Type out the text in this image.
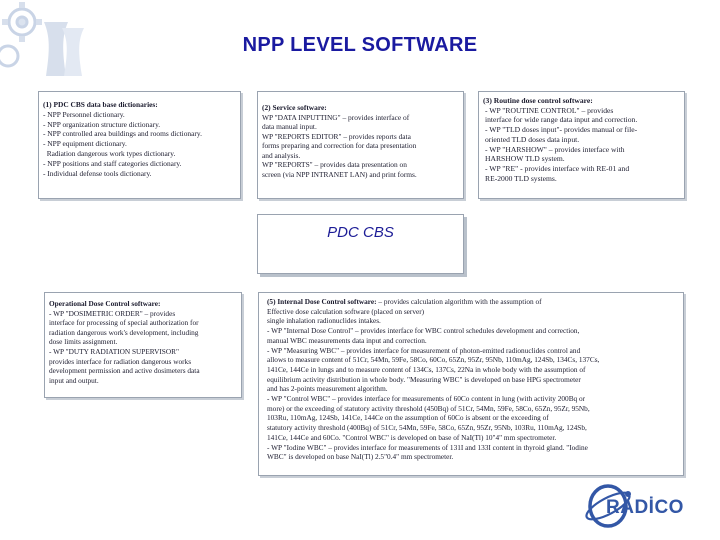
NPP LEVEL SOFTWARE
(1) PDC CBS data base dictionaries:
- NPP Personnel dictionary.
- NPP organization structure dictionary.
- NPP controlled area buildings and rooms dictionary.
- NPP equipment dictionary.
Radiation dangerous work types dictionary.
- NPP positions and staff categories dictionary.
- Individual defense tools dictionary.
(2) Service software:
WP "DATA INPUTTING" – provides interface of
data manual input.
WP "REPORTS EDITOR" – provides reports data
forms preparing and correction for data presentation
and analysis.
WP "REPORTS" – provides data presentation on
screen (via NPP INTRANET LAN) and print forms.
(3) Routine dose control software:
- WP "ROUTINE CONTROL" – provides
interface for wide range data input and correction.
- WP "TLD doses input"- provides manual or file-
oriented TLD doses data input.
- WP "HARSHOW" – provides interface with
HARSHOW TLD system.
- WP "RE" - provides interface with RE-01 and
RE-2000 TLD systems.
PDC CBS
Operational Dose Control software:
- WP "DOSIMETRIC ORDER" – provides
interface for processing of special authorization for
radiation dangerous work's development, including
dose limits assignment.
- WP "DUTY RADIATION SUPERVISOR"
provides interface for radiation dangerous works
development permission and active dosimeters data
input and output.
(5) Internal Dose Control software: – provides calculation algorithm with the assumption of
Effective dose calculation software (placed on server)
single inhalation radionuclides intakes.
- WP "Internal Dose Control" – provides interface for WBC control schedules development and correction,
manual WBC measurements data input and correction.
- WP "Measuring WBC" – provides interface for measurement of photon-emitted radionuclides control and
allows to measure content of 51Cr, 54Mn, 59Fe, 58Co, 60Co, 65Zn, 95Zr, 95Nb, 110mAg, 124Sb, 134Cs, 137Cs,
141Ce, 144Ce in lungs and to measure content of 134Cs, 137Cs, 22Na in whole body with the assumption of
equilibrium activity distribution in whole body. "Measuring WBC" is developed on base HPG spectrometer
and has 2-points measurement algorithm.
- WP "Control WBC" – provides interface for measurements of 60Co content in lung (with activity 200Bq or
more) or the exceeding of statutory activity threshold (450Bq) of 51Cr, 54Mn, 59Fe, 58Co, 65Zn, 95Zr, 95Nb,
103Ru, 110mAg, 124Sb, 141Ce, 144Ce on the assumption of 60Co is absent or the exceeding of
statutory activity threshold (400Bq) of 51Cr, 54Mn, 59Fe, 58Co, 65Zn, 95Zr, 95Nb, 103Ru, 110mAg, 124Sb,
141Ce, 144Ce and 60Co. "Control WBC" is developed on base of NaI(Tl) 10"4" mm spectrometer.
- WP "Iodine WBC" – provides interface for measurements of 131I and 133I content in thyroid gland. "Iodine
WBC" is developed on base NaI(Tl) 2.5"0.4" mm spectrometer.
RADİCO
